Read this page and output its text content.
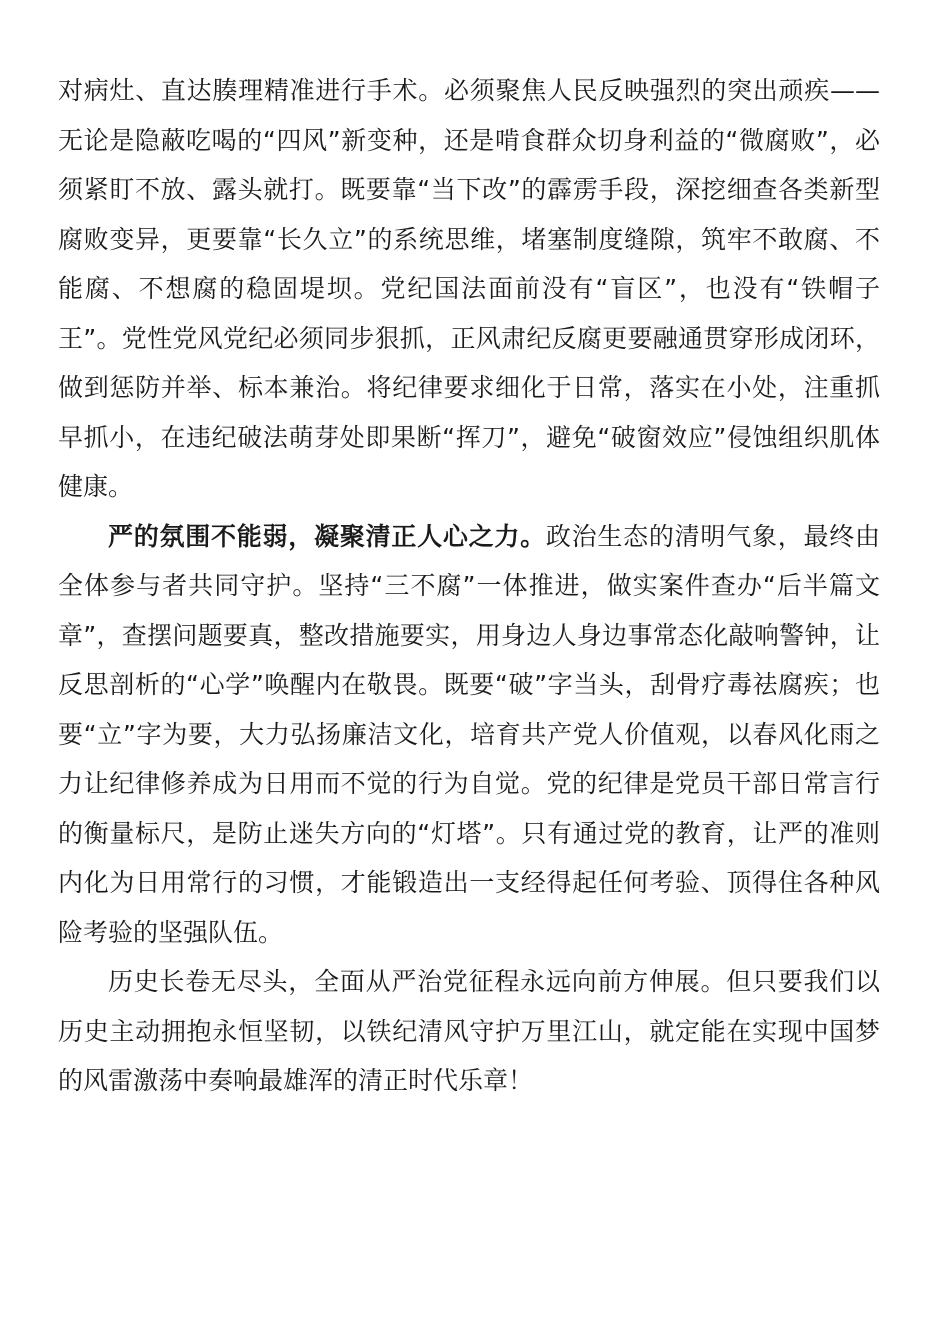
对病灶、直达腠理精准进行手术。必须聚焦人民反映强烈的突出顽疾——无论是隐蔽吃喝的“四风”新变种，还是啃食群众切身利益的“微腐败”，必须紧盯不放、露头就打。既要靠“当下改”的霹雳手段，深挖细查各类新型腐败变异，更要靠“长久立”的系统思维，堵塞制度缝隙，筑牢不敢腐、不能腐、不想腐的稳固堤坝。党纪国法面前没有“盲区”，也没有“铁帽子王”。党性党风党纪必须同步狠抓，正风肃纪反腐更要融通贯穿形成闭环，做到惩防并举、标本兼治。将纪律要求细化于日常，落实在小处，注重抓早抓小，在违纪破法萌芽处即果断“挥刀”，避免“破窗效应”侵蚀组织肌体健康。

严的氛围不能弱，凝聚清正人心之力。政治生态的清明气象，最终由全体参与者共同守护。坚持“三不腐”一体推进，做实案件查办“后半篇文章”，查摆问题要真，整改措施要实，用身边人身边事常态化敲响警钟，让反思剖析的“心学”唤醒内在敬畏。既要“破”字当头，刮骨疗毒祛腐疾；也要“立”字为要，大力弘扬廉洁文化，培育共产党人价值观，以春风化雨之力让纪律修养成为日用而不觉的行为自觉。党的纪律是党员干部日常言行的衡量标尺，是防止迷失方向的“灯塔”。只有通过党的教育，让严的准则内化为日用常行的习惯，才能锻造出一支经得起任何考验、顶得住各种风险考验的坚强队伍。

历史长卷无尽头，全面从严治党征程永远向前方伸展。但只要我们以历史主动拥抱永恒坚韧，以铁纪清风守护万里江山，就定能在实现中国梦的风雷激荡中奏响最雄浑的清正时代乐章！
